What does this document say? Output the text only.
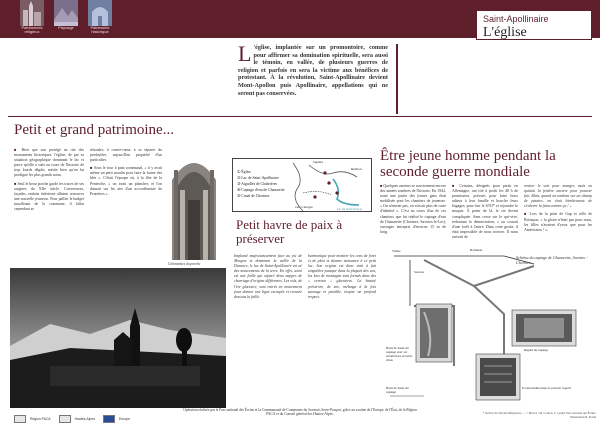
Patrimoines religieux
Paysage	Patrimoine historique
Saint-Apollinaire
L'église
L 'église, implantée sur un promontoire, comme pour affirmer sa domination spirituelle, sera aussi le témoin, en vallée, de plusieurs guerres de religion et parfois en sera la victime aux bénéfices de protestant. À la révolution, Saint-Apollinaire devient Mont-Apollon puis Apollinaire, appellations qui ne seront pas conservées.
Petit et grand patrimoine...

■ Bien que son protégé au rite des monuments historiques, l'église, de par sa situation géographique dominant le lac et parce qu'elle a subi au cours de l'histoire de trop lourds dégâts, mérite bien qu'on lui prodigue les plus grands soins.

■ Seul le beau porche garde les traces de ses origines du XIIe siècle. Couvertures, façades, enduits intérieurs allaient retrouver une nouvelle jeunesse. Pour pallier le budget insuffisant de la commune, il fallut cependant se

résoudre, à contre-cœur, à se séparer du presbytère, aujourd'hui propriété d'un particulier.

■ Sous le four à pain communal, « il y avait même un petit moulin pour faire la farine des blés ». C'était l'époque où, à la fête de la Pentecôte, « on avait un plancher, et l'on dansait sur les airs d'un accordéoniste de Prunières ».

Colonnettes du porche
① Église
② Lac de Saint-Apollinaire
③ Aiguilles de Chabrières
④ Captage d'eau de Chanarette
⑤ Canal de Chorines
Sapière
Réallon
vers Chorges	Lac de Serre-Ponçon
Petit havre de paix à préserver
Implanté majestueusement face au pic de Morgon et dominant la vallée de la Durance, le lac de Saint-Apollinaire est né des mouvements de la terre. En effet, ainsi est une faille qui séparé deux nappes de charriage d'origine différentes. Les sols, de l'ère glaciaire, sont entrés en mouvement pour donner une ligne escarpée et creusée dessous la faille.
harmonique pour montrer les cons de foret et de plesi et donner naissance à ce petit lac. Son origine est donc trait à fait singulière puisque dans la plupart des cas, les lacs de montagne sont formés dans des « verrous » glaciaires. La beauté préservée, de site, mélange à la fois sauvage et paisible, inspire un profond respect.
Être jeune homme pendant la seconde guerre mondiale

■ Quelques anciens se souviennent encore des années sombres de l'histoire. En 1942, toute une partie des jeunes gens était mobilisée pour les chantiers de jeunesse. « On n'entrait pas, on n'avait plus de carte d'identité ». C'est au cours d'un de ces chantiers que fut réalisé le captage d'eau de Chanarette (Chorines, Savines-le-Lac), ouvrages entrepris d'environ 15 m de long.

■ Certains, désignés pour partir en Allemagne, ont tiré à profit les 48 h de permission, prévues pour faire leurs adieux à leur famille et boucler leurs bagages, pour fuir le STO* et rejoindre le maquis. À partir de là, la vie devint compliquée. Sans cesse sur le qui-vive, redoutant la dénonciation, « on courait d'une forêt à l'autre. Dans cette grotte, il était impossible de nous trouver. Il nous arrivait de

rentrer le soir pour manger, mais on quittait la fenêtre ouverte pour pouvoir fuir. Mais, quand on tombait sur un champ de patates, on était bienheureux de s'enlever la faim comme ça ! »

■ Lors de la prise de Gap et celle de Briançon, « la gloire n'était pas pour nous, les filles n'avaient d'yeux que pour les Américains ! ».

Vanne	Robinets
Branche haute du captage avec ses nombreuses arrivées d'eau
Branche basse du captage
Regard du captage
En descendant dans le premier regard
Sources
Schéma du captage de Chanarette, Savines - Chorines
Région PACA	Hautes-Alpes	Europe
Opération réalisée par le Parc national des Écrins et la Communauté de Communes du Savinois Serre-Ponçon, grâce au soutien de l'Europe, de l'État, de la Région PACA et du Conseil général des Hautes-Alpes.	* Service du Travail Obligatoire — © Photos : M. Coulon, C. Gariel, Parc national des Écrins. Illustrations R. Poirié
